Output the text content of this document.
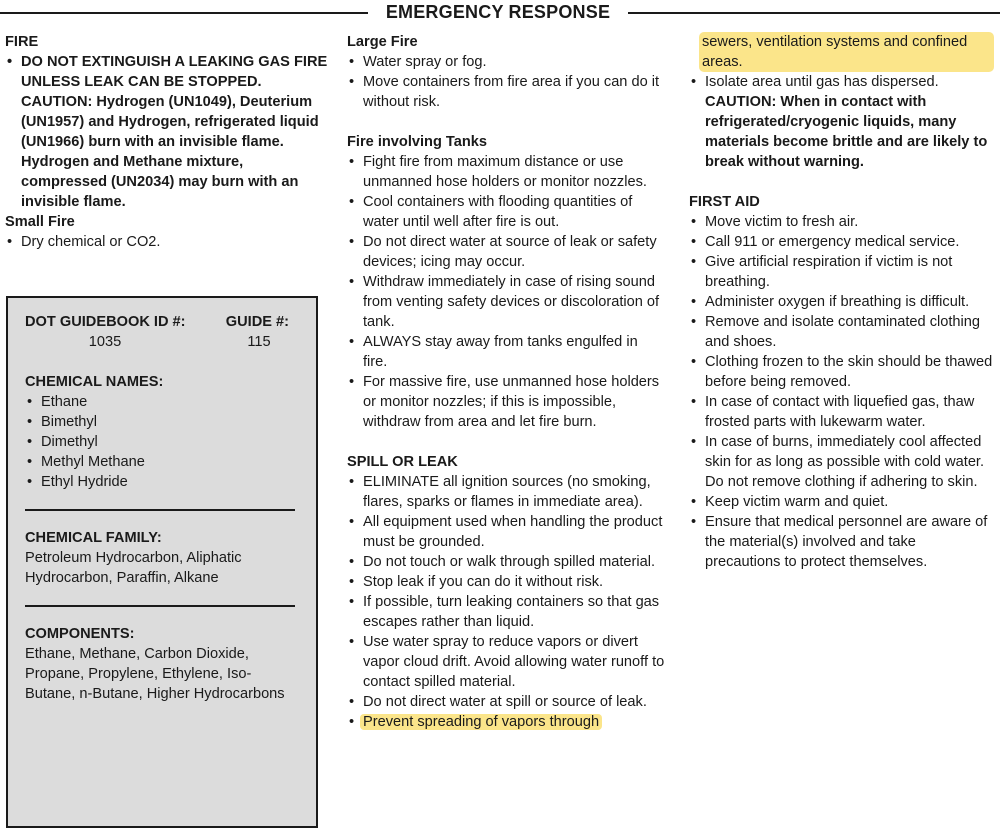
EMERGENCY RESPONSE
FIRE
• DO NOT EXTINGUISH A LEAKING GAS FIRE UNLESS LEAK CAN BE STOPPED. CAUTION: Hydrogen (UN1049), Deuterium (UN1957) and Hydrogen, refrigerated liquid (UN1966) burn with an invisible flame. Hydrogen and Methane mixture, compressed (UN2034) may burn with an invisible flame.
Small Fire
• Dry chemical or CO2.
DOT GUIDEBOOK ID #:	GUIDE #:
1035	115
CHEMICAL NAMES:
• Ethane
• Bimethyl
• Dimethyl
• Methyl Methane
• Ethyl Hydride
CHEMICAL FAMILY:
Petroleum Hydrocarbon, Aliphatic Hydrocarbon, Paraffin, Alkane
COMPONENTS:
Ethane, Methane, Carbon Dioxide, Propane, Propylene, Ethylene, Iso-Butane, n-Butane, Higher Hydrocarbons
Large Fire
• Water spray or fog.
• Move containers from fire area if you can do it without risk.
Fire involving Tanks
• Fight fire from maximum distance or use unmanned hose holders or monitor nozzles.
• Cool containers with flooding quantities of water until well after fire is out.
• Do not direct water at source of leak or safety devices; icing may occur.
• Withdraw immediately in case of rising sound from venting safety devices or discoloration of tank.
• ALWAYS stay away from tanks engulfed in fire.
• For massive fire, use unmanned hose holders or monitor nozzles; if this is impossible, withdraw from area and let fire burn.
SPILL OR LEAK
• ELIMINATE all ignition sources (no smoking, flares, sparks or flames in immediate area).
• All equipment used when handling the product must be grounded.
• Do not touch or walk through spilled material.
• Stop leak if you can do it without risk.
• If possible, turn leaking containers so that gas escapes rather than liquid.
• Use water spray to reduce vapors or divert vapor cloud drift. Avoid allowing water runoff to contact spilled material.
• Do not direct water at spill or source of leak.
• Prevent spreading of vapors through
sewers, ventilation systems and confined areas.
• Isolate area until gas has dispersed.
CAUTION: When in contact with refrigerated/cryogenic liquids, many materials become brittle and are likely to break without warning.
FIRST AID
• Move victim to fresh air.
• Call 911 or emergency medical service.
• Give artificial respiration if victim is not breathing.
• Administer oxygen if breathing is difficult.
• Remove and isolate contaminated clothing and shoes.
• Clothing frozen to the skin should be thawed before being removed.
• In case of contact with liquefied gas, thaw frosted parts with lukewarm water.
• In case of burns, immediately cool affected skin for as long as possible with cold water. Do not remove clothing if adhering to skin.
• Keep victim warm and quiet.
• Ensure that medical personnel are aware of the material(s) involved and take precautions to protect themselves.
